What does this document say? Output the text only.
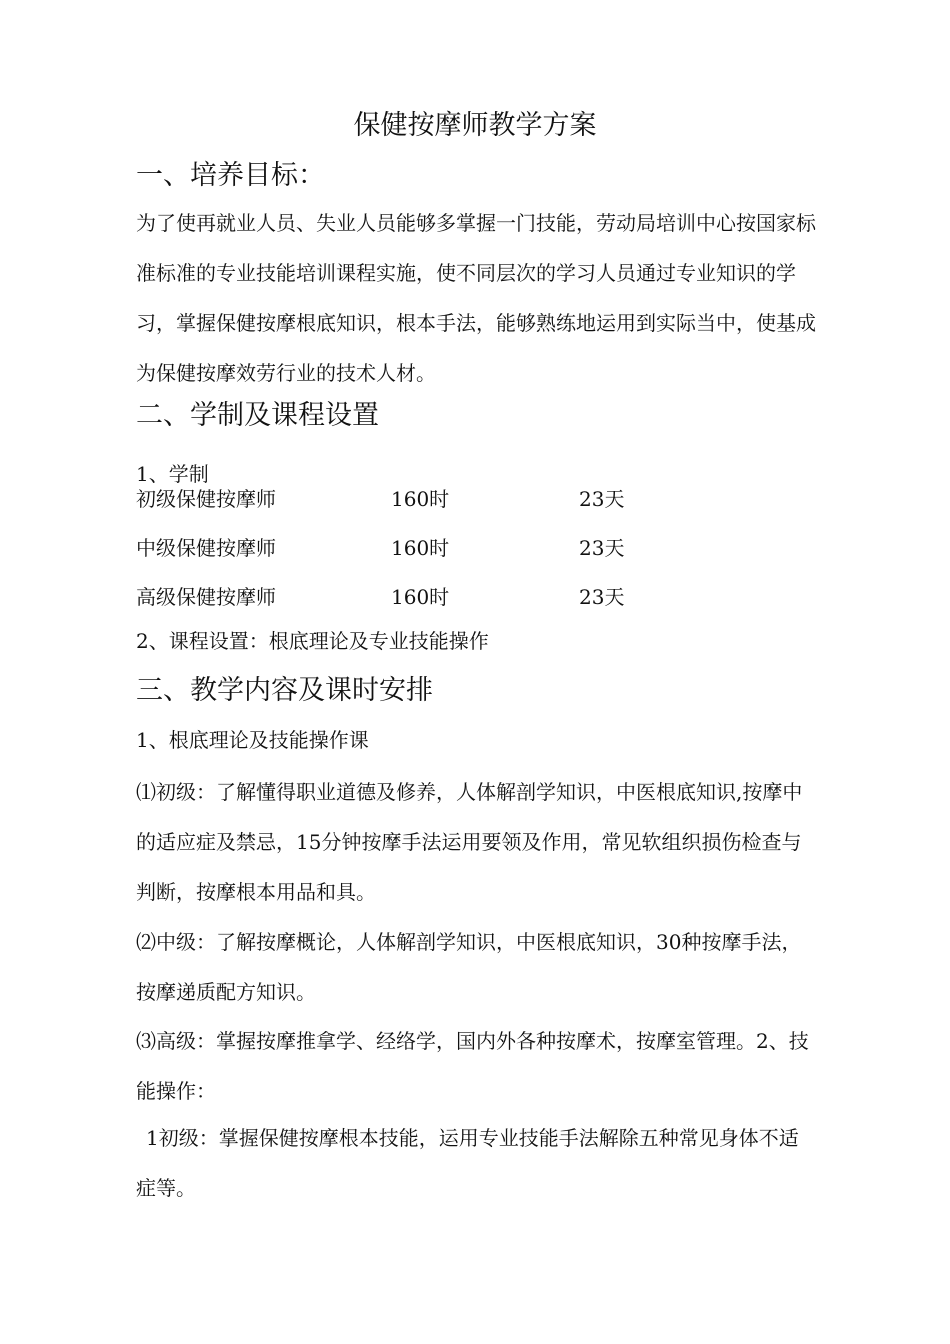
保健按摩师教学方案
一、培养目标：
为了使再就业人员、失业人员能够多掌握一门技能，劳动局培训中心按国家标准标准的专业技能培训课程实施，使不同层次的学习人员通过专业知识的学习，掌握保健按摩根底知识，根本手法，能够熟练地运用到实际当中，使基成为保健按摩效劳行业的技术人材。
二、学制及课程设置
1、学制
初级保健按摩师	160时	23天
中级保健按摩师	160时	23天
高级保健按摩师	160时	23天
2、课程设置：根底理论及专业技能操作
三、教学内容及课时安排
1、根底理论及技能操作课
⑴初级：了解懂得职业道德及修养，人体解剖学知识，中医根底知识,按摩中的适应症及禁忌，15分钟按摩手法运用要领及作用，常见软组织损伤检查与判断，按摩根本用品和具。
⑵中级：了解按摩概论，人体解剖学知识，中医根底知识，30种按摩手法，按摩递质配方知识。
⑶高级：掌握按摩推拿学、经络学，国内外各种按摩术，按摩室管理。2、技能操作：
1初级：掌握保健按摩根本技能，运用专业技能手法解除五种常见身体不适症等。
